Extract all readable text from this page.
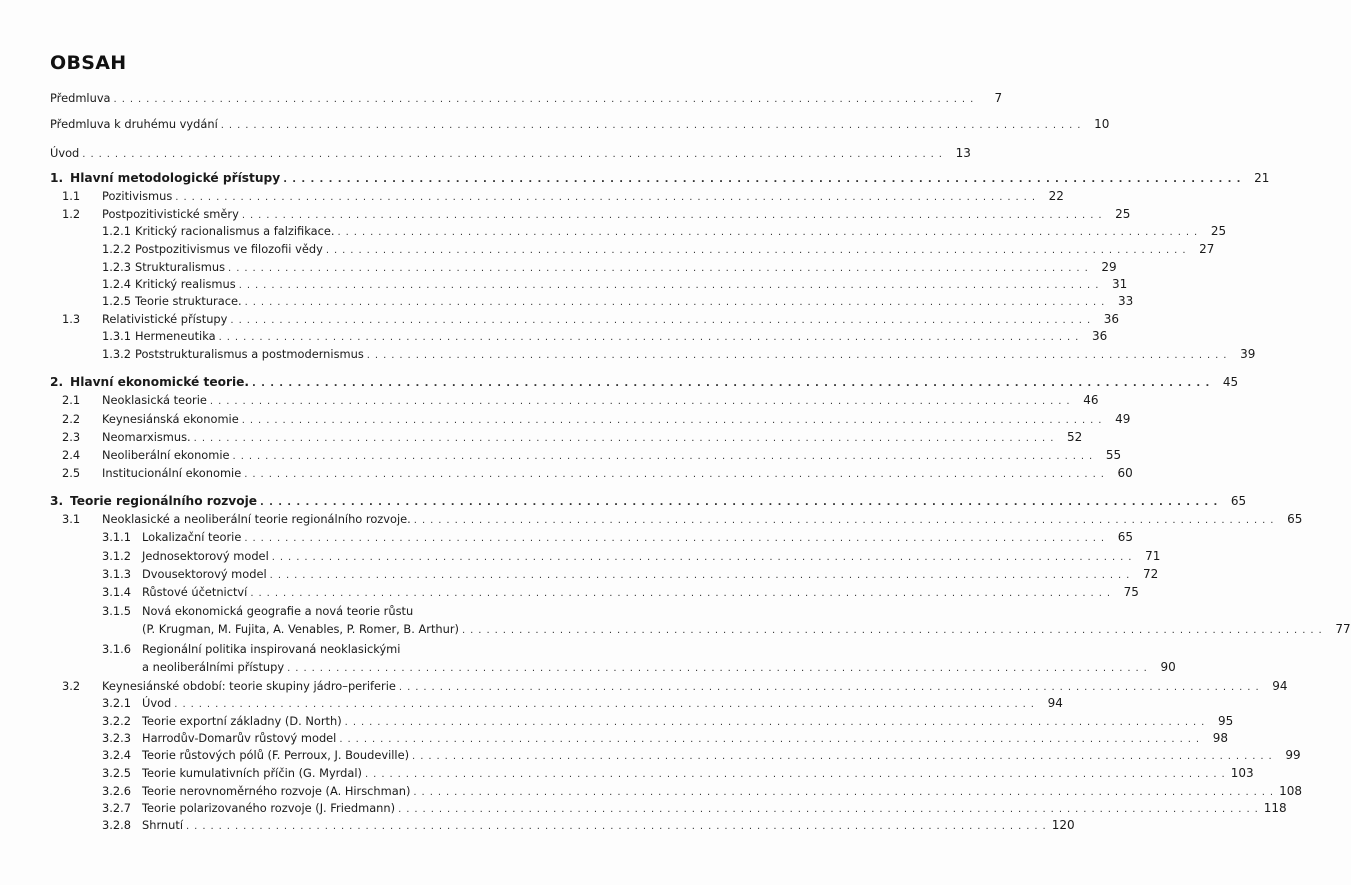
OBSAH
Předmluva . . .	7
Předmluva k druhému vydání . . .	10
Úvod . . .	13
1. Hlavní metodologické přístupy . . .	21
1.1	Pozitivismus . . .	22
1.2	Postpozitivistické směry . . .	25
1.2.1 Kritický racionalismus a falzifikace. . . .	25
1.2.2 Postpozitivismus ve filozofii vědy . . .	27
1.2.3 Strukturalismus . . .	29
1.2.4 Kritický realismus . . .	31
1.2.5 Teorie strukturace. . . .	33
1.3	Relativistické přístupy . . .	36
1.3.1 Hermeneutika . . .	36
1.3.2 Poststrukturalismus a postmodernismus . . .	39
2. Hlavní ekonomické teorie. . . .	45
2.1	Neoklasická teorie . . .	46
2.2	Keynesiánská ekonomie . . .	49
2.3	Neomarxismus. . . .	52
2.4	Neoliberální ekonomie . . .	55
2.5	Institucionální ekonomie . . .	60
3. Teorie regionálního rozvoje . . .	65
3.1	Neoklasické a neoliberální teorie regionálního rozvoje. . . .	65
3.1.1 Lokalizační teorie . . .	65
3.1.2 Jednosektorový model . . .	71
3.1.3 Dvousektorový model . . .	72
3.1.4 Růstové účetnictví . . .	75
3.1.5 Nová ekonomická geografie a nová teorie růstu
(P. Krugman, M. Fujita, A. Venables, P. Romer, B. Arthur) . . .	77
3.1.6 Regionální politika inspirovaná neoklasickými
a neoliberálními přístupy . . .	90
3.2	Keynesiánské období: teorie skupiny jádro–periferie . . .	94
3.2.1 Úvod . . .	94
3.2.2 Teorie exportní základny (D. North) . . .	95
3.2.3 Harrodův-Domarův růstový model . . .	98
3.2.4 Teorie růstových pólů (F. Perroux, J. Boudeville) . . .	99
3.2.5 Teorie kumulativních příčin (G. Myrdal) . . .	103
3.2.6 Teorie nerovnoměrného rozvoje (A. Hirschman) . . .	108
3.2.7 Teorie polarizovaného rozvoje (J. Friedmann) . . .	118
3.2.8 Shrnutí . . .	120
